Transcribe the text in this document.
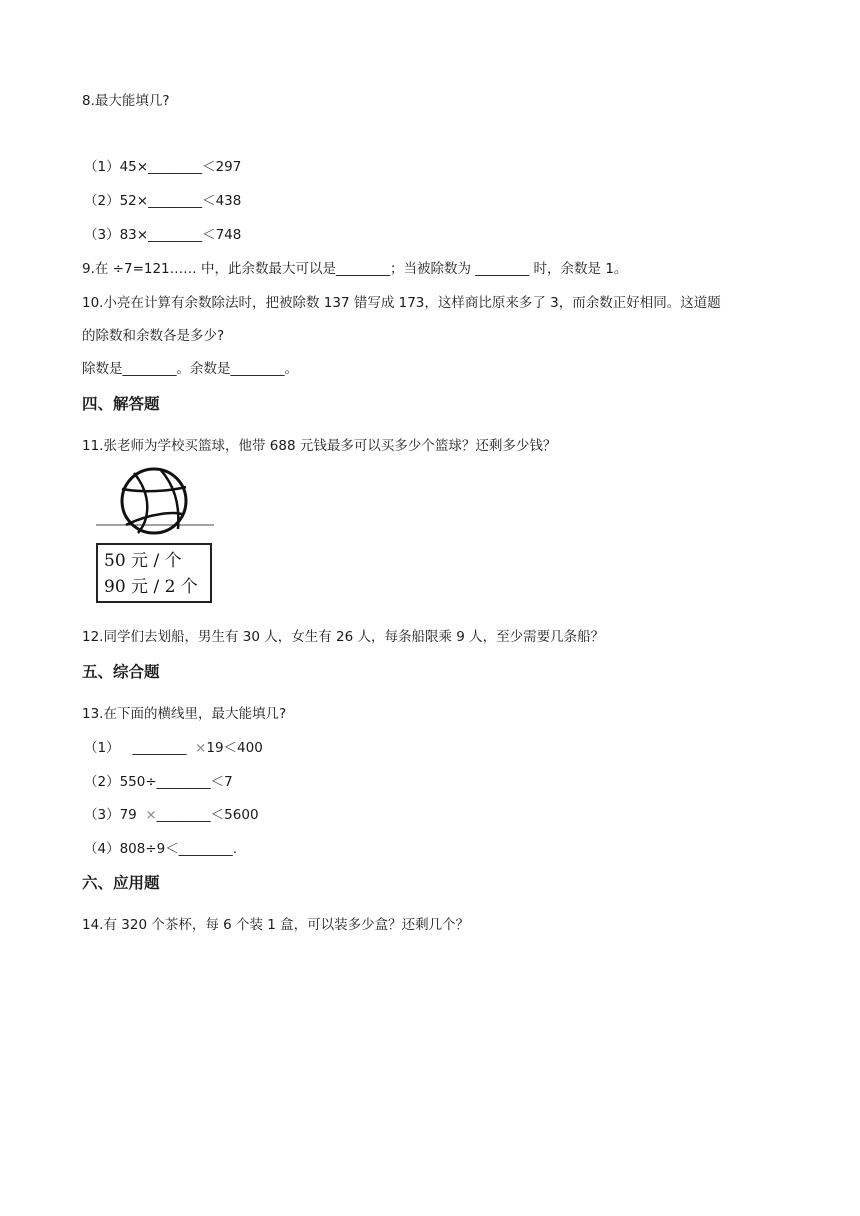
8.最大能填几?
（1）45×________＜297
（2）52×________＜438
（3）83×________＜748
9.在 ÷7=121…… 中，此余数最大可以是________；当被除数为 ________ 时，余数是 1。
10.小亮在计算有余数除法时，把被除数 137 错写成 173，这样商比原来多了 3，而余数正好相同。这道题
的除数和余数各是多少?
除数是________。余数是________。
四、解答题
11.张老师为学校买篮球，他带 688 元钱最多可以买多少个篮球？还剩多少钱？
50 元 / 个
90 元 / 2 个
12.同学们去划船，男生有 30 人，女生有 26 人，每条船限乘 9 人，至少需要几条船？
五、综合题
13.在下面的横线里，最大能填几?
（1）   ________  ×19＜400
（2）550÷________＜7
（3）79  ×________＜5600
（4）808÷9＜________.
六、应用题
14.有 320 个茶杯，每 6 个装 1 盒，可以装多少盒？还剩几个？
